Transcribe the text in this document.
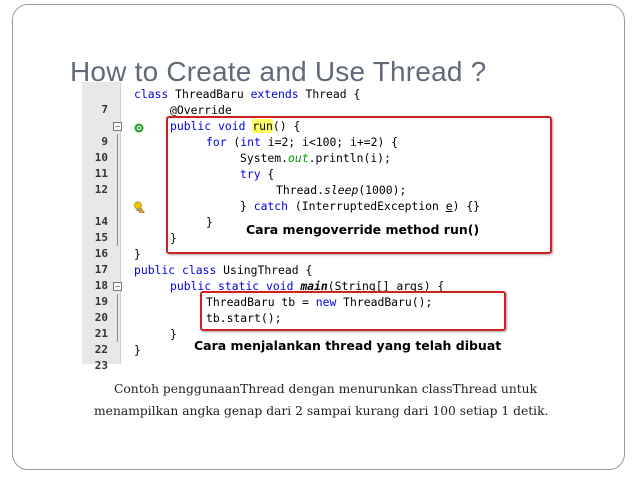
How to Create and Use Thread ?

7

class ThreadBaru extends Thread {

@Override

9

−

	public void run() {

10

for (int i=2; i<100; i+=2) {

11

System.out.println(i);

12

try {

Thread.sleep(1000);

14

} catch (InterruptedException e) {}

15

}

16

}

17

}

18

public class UsingThread {

19

−

	public static void main(String[] args) {

20

ThreadBaru tb = new ThreadBaru();

21

tb.start();

22

}

23

}

Cara mengoverride method run()
Cara menjalankan thread yang telah dibuat
Contoh penggunaanThread dengan menurunkan classThread untuk
menampilkan angka genap dari 2 sampai kurang dari 100 setiap 1 detik.
